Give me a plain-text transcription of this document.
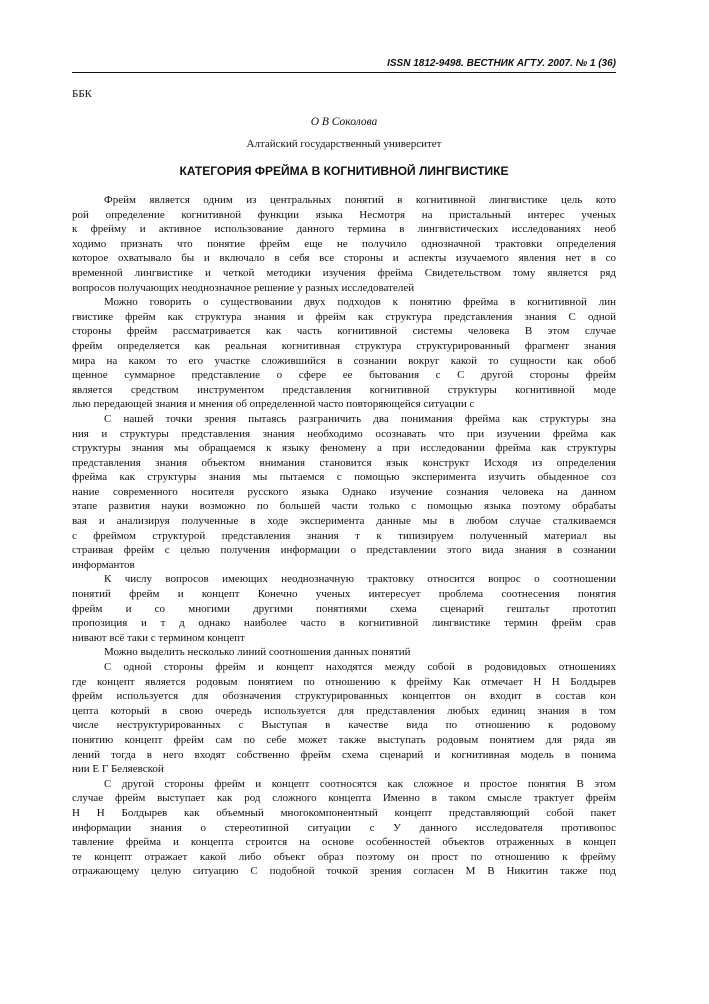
ISSN 1812-9498. ВЕСТНИК АГТУ. 2007. № 1 (36)
ББК
О В Соколова
Алтайский государственный университет
КАТЕГОРИЯ ФРЕЙМА В КОГНИТИВНОЙ ЛИНГВИСТИКЕ
Фрейм является одним из центральных понятий в когнитивной лингвистике цель кото
рой определение когнитивной функции языка Несмотря на пристальный интерес ученых
к фрейму и активное использование данного термина в лингвистических исследованиях необ
ходимо признать что понятие фрейм еще не получило однозначной трактовки определения
которое охватывало бы и включало в себя все стороны и аспекты изучаемого явления нет в со
временной лингвистике и четкой методики изучения фрейма Свидетельством тому является ряд
вопросов получающих неоднозначное решение у разных исследователей
Можно говорить о существовании двух подходов к понятию фрейма в когнитивной лин
гвистике фрейм как структура знания и фрейм как структура представления знания С одной
стороны фрейм рассматривается как часть когнитивной системы человека В этом случае
фрейм определяется как реальная когнитивная структура структурированный фрагмент знания
мира на каком то его участке сложившийся в сознании вокруг какой то сущности как обоб
щенное суммарное представление о сфере ее бытования с С другой стороны фрейм
является средством инструментом представления когнитивной структуры когнитивной моде
лью передающей знания и мнения об определенной часто повторяющейся ситуации с
С нашей точки зрения пытаясь разграничить два понимания фрейма как структуры зна
ния и структуры представления знания необходимо осознавать что при изучении фрейма как
структуры знания мы обращаемся к языку феномену а при исследовании фрейма как структуры
представления знания объектом внимания становится язык конструкт Исходя из определения
фрейма как структуры знания мы пытаемся с помощью эксперимента изучить обыденное соз
нание современного носителя русского языка Однако изучение сознания человека на данном
этапе развития науки возможно по большей части только с помощью языка поэтому обрабаты
вая и анализируя полученные в ходе эксперимента данные мы в любом случае сталкиваемся
с фреймом структурой представления знания т к типизируем полученный материал вы
страивая фрейм с целью получения информации о представлении этого вида знания в сознании
информантов
К числу вопросов имеющих неоднозначную трактовку относится вопрос о соотношении
понятий фрейм и концепт Конечно ученых интересует проблема соотнесения понятия
фрейм и со многими другими понятиями схема сценарий гештальт прототип
пропозиция и т д однако наиболее часто в когнитивной лингвистике термин фрейм срав
нивают всё таки с термином концепт
Можно выделить несколько линий соотношения данных понятий
С одной стороны фрейм и концепт находятся между собой в родовидовых отношениях
где концепт является родовым понятием по отношению к фрейму Как отмечает Н Н Болдырев
фрейм используется для обозначения структурированных концептов он входит в состав кон
цепта который в свою очередь используется для представления любых единиц знания в том
числе неструктурированных с Выступая в качестве вида по отношению к родовому
понятию концепт фрейм сам по себе может также выступать родовым понятием для ряда яв
лений тогда в него входят собственно фрейм схема сценарий и когнитивная модель в понима
нии Е Г Беляевской
С другой стороны фрейм и концепт соотносятся как сложное и простое понятия В этом
случае фрейм выступает как род сложного концепта Именно в таком смысле трактует фрейм
Н Н Болдырев как объемный многокомпонентный концепт представляющий собой пакет
информации знания о стереотипной ситуации с У данного исследователя противопос
тавление фрейма и концепта строится на основе особенностей объектов отраженных в концеп
те концепт отражает какой либо объект образ поэтому он прост по отношению к фрейму
отражающему целую ситуацию С подобной точкой зрения согласен М В Никитин также под
